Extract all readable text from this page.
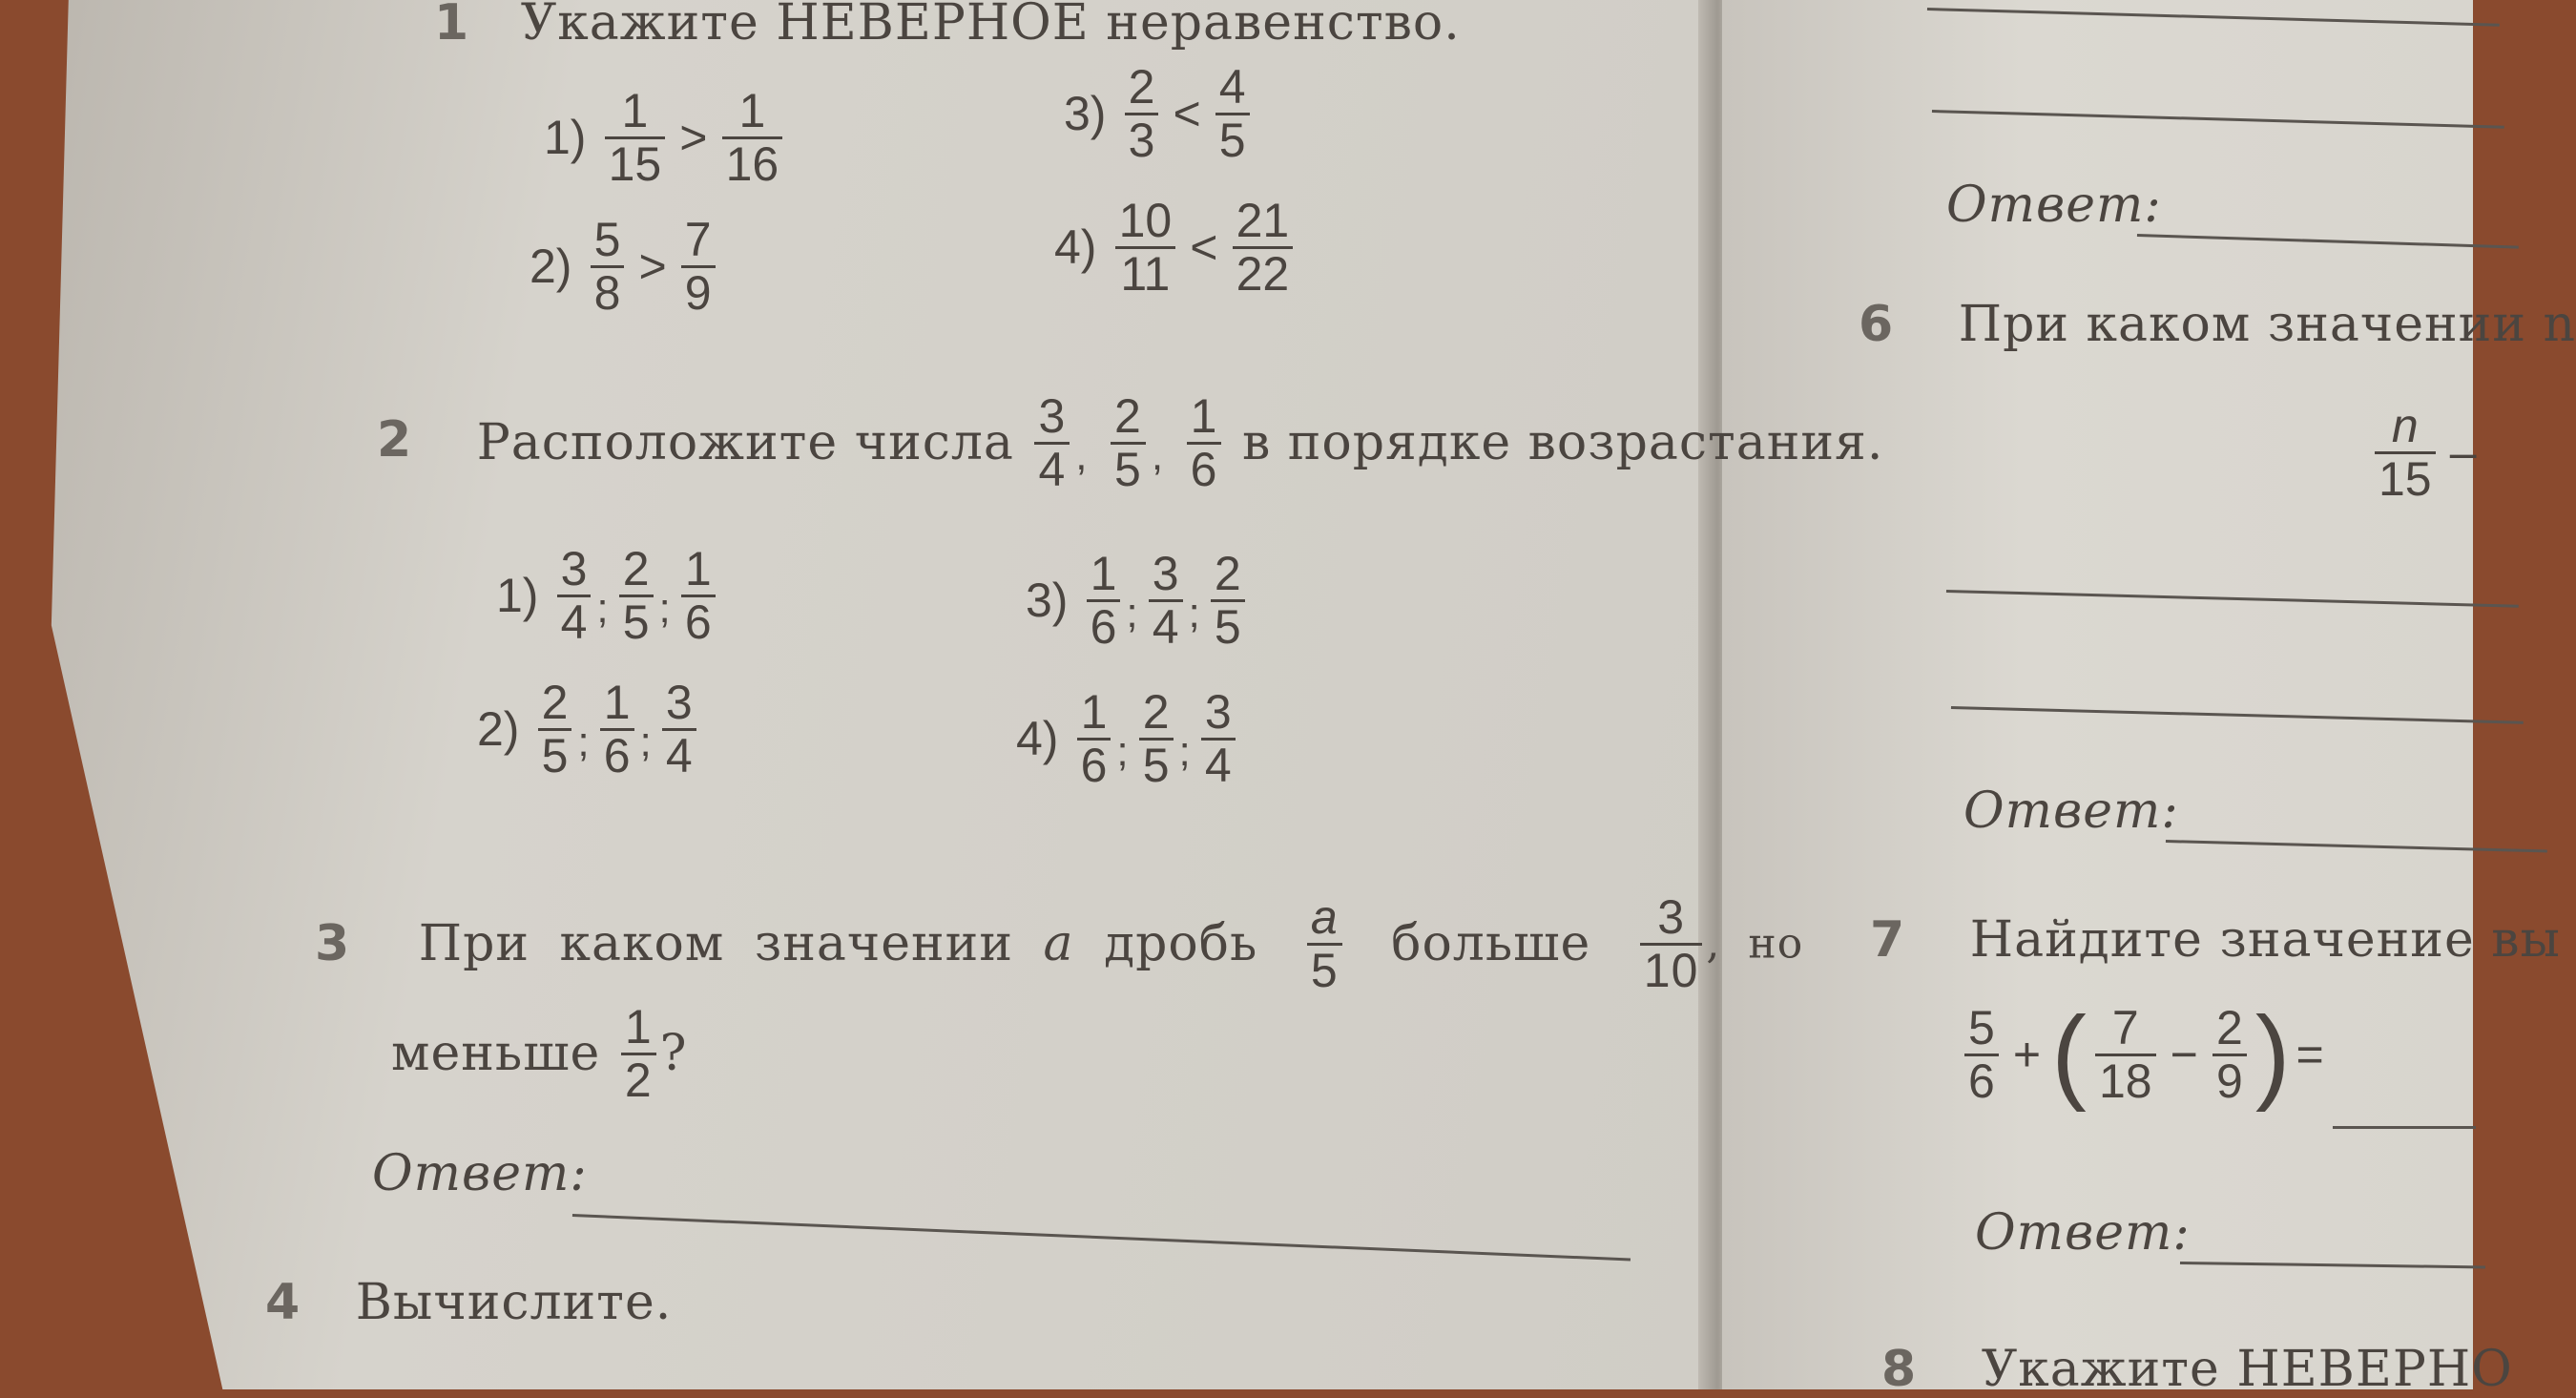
1 Укажите НЕВЕРНОЕ неравенство.
$1) \frac{1}{15} > \frac{1}{16}$
$2) \frac{5}{8} > \frac{7}{9}$
$3) \frac{2}{3} < \frac{4}{5}$
$4) \frac{10}{11} < \frac{21}{22}$
2 Расположите числа $\frac{3}{4} _, \frac{2}{5} _, \frac{1}{6}$ в порядке возрастания.
$1) \frac{3}{4}$ ; $\frac{2}{5}$ ; $\frac{1}{6}$
$2) \frac{2}{5}$ ; $\frac{1}{6}$ ; $\frac{3}{4}$
$3) \frac{1}{6}$ ; $\frac{3}{4}$ ; $\frac{2}{5}$
$4) \frac{1}{6}$ ; $\frac{2}{5}$ ; $\frac{3}{4}$
3 При каком значении a дробь $\frac{a}{5}$ больше $\frac{3}{10}$ , но
меньше $\frac{1}{2}$ ?
Ответ:
4 Вычислите.
Ответ:
6 При каком значении n
$\frac{n}{15}$ –
Ответ:
7 Найдите значение вы
$\frac{5}{6}$ + ( $\frac{7}{18} - \frac{2}{9}$ ) =
Ответ:
8 Укажите НЕВЕРНО
